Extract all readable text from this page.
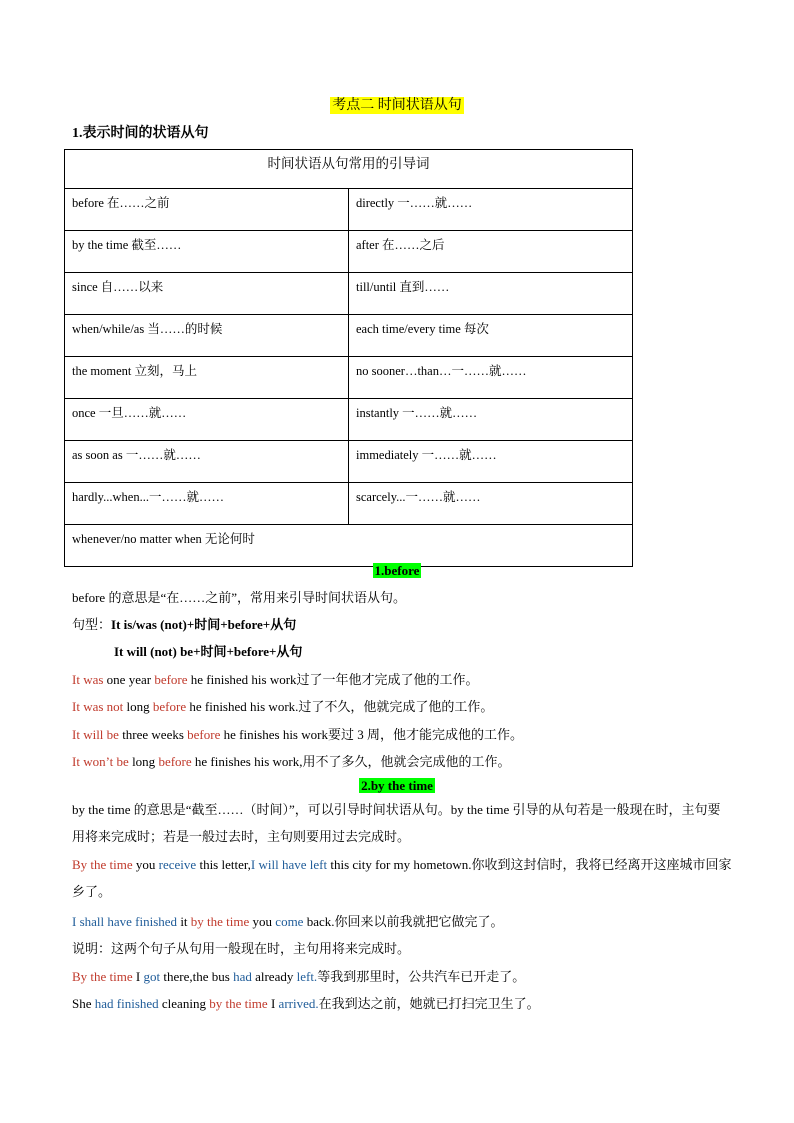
考点二 时间状语从句
1.表示时间的状语从句
时间状语从句常用的引导词	
before 在……之前	directly 一……就……
by the time 截至……	after 在……之后
since 自……以来	till/until 直到……
when/while/as 当……的时候	each time/every time 每次
the moment 立刻，马上	no sooner…than…一……就……
once 一旦……就……	instantly 一……就……
as soon as 一……就……	immediately 一……就……
hardly...when...一……就……	scarcely...一……就……
whenever/no matter when 无论何时	
1.before
before 的意思是“在……之前”，常用来引导时间状语从句。
句型：It is/was (not)+时间+before+从句
It will (not) be+时间+before+从句
It was one year before he finished his work过了一年他才完成了他的工作。
It was not long before he finished his work.过了不久，他就完成了他的工作。
It will be three weeks before he finishes his work要过 3 周，他才能完成他的工作。
It won’t be long before he finishes his work,用不了多久，他就会完成他的工作。
2.by the time
by the time 的意思是“截至……（时间）”，可以引导时间状语从句。by the time 引导的从句若是一般现在时，主句要用将来完成时；若是一般过去时，主句则要用过去完成时。
By the time you receive this letter,I will have left this city for my hometown.你收到这封信时，我将已经离开这座城市回家乡了。
I shall have finished it by the time you come back.你回来以前我就把它做完了。
说明：这两个句子从句用一般现在时，主句用将来完成时。
By the time I got there,the bus had already left.等我到那里时，公共汽车已开走了。
She had finished cleaning by the time I arrived.在我到达之前，她就已打扫完卫生了。
